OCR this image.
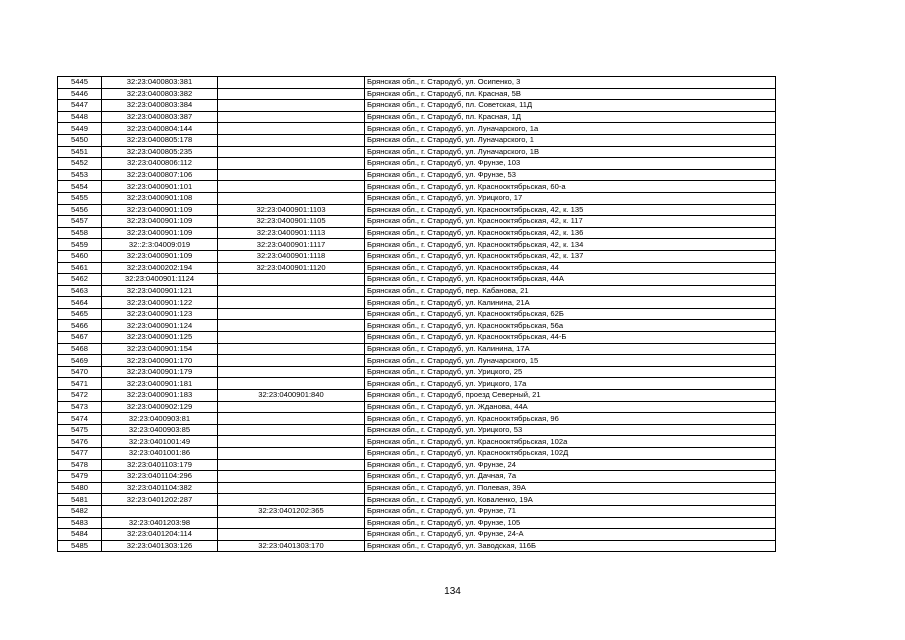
5445	32:23:0400803:381		Брянская обл., г. Стародуб, ул. Осипенко, 3
5446	32:23:0400803:382		Брянская обл., г. Стародуб, пл. Красная, 5В
5447	32:23:0400803:384		Брянская обл., г. Стародуб, пл. Советская, 11Д
5448	32:23:0400803:387		Брянская обл., г. Стародуб, пл. Красная, 1Д
5449	32:23:0400804:144		Брянская обл., г. Стародуб, ул. Луначарского, 1а
5450	32:23:0400805:178		Брянская обл., г. Стародуб, ул. Луначарского, 1
5451	32:23:0400805:235		Брянская обл., г. Стародуб, ул. Луначарского, 1В
5452	32:23:0400806:112		Брянская обл., г. Стародуб, ул. Фрунзе, 103
5453	32:23:0400807:106		Брянская обл., г. Стародуб, ул. Фрунзе, 53
5454	32:23:0400901:101		Брянская обл., г. Стародуб, ул. Краснооктябрьская, 60-а
5455	32:23:0400901:108		Брянская обл., г. Стародуб, ул. Урицкого, 17
5456	32:23:0400901:109	32:23:0400901:1103	Брянская обл., г. Стародуб, ул. Краснооктябрьская, 42, к. 135
5457	32:23:0400901:109	32:23:0400901:1105	Брянская обл., г. Стародуб, ул. Краснооктябрьская, 42, к. 117
5458	32:23:0400901:109	32:23:0400901:1113	Брянская обл., г. Стародуб, ул. Краснооктябрьская, 42, к. 136
5459	32::2:3:04009:019	32:23:0400901:1117	Брянская обл., г. Стародуб, ул. Краснооктябрьская, 42, к. 134
5460	32:23:0400901:109	32:23:0400901:1118	Брянская обл., г. Стародуб, ул. Краснооктябрьская, 42, к. 137
5461	32:23:0400202:194	32:23:0400901:1120	Брянская обл., г. Стародуб, ул. Краснооктябрьская, 44
5462	32:23:0400901:1124		Брянская обл., г. Стародуб, ул. Краснооктябрьская, 44А
5463	32:23:0400901:121		Брянская обл., г. Стародуб, пер. Кабанова, 21
5464	32:23:0400901:122		Брянская обл., г. Стародуб, ул. Калинина, 21А
5465	32:23:0400901:123		Брянская обл., г. Стародуб, ул. Краснооктябрьская, 62Б
5466	32:23:0400901:124		Брянская обл., г. Стародуб, ул. Краснооктябрьская, 56а
5467	32:23:0400901:125		Брянская обл., г. Стародуб, ул. Краснооктябрьская, 44-Б
5468	32:23:0400901:154		Брянская обл., г. Стародуб, ул. Калинина, 17А
5469	32:23:0400901:170		Брянская обл., г. Стародуб, ул. Луначарского, 15
5470	32:23:0400901:179		Брянская обл., г. Стародуб, ул. Урицкого, 25
5471	32:23:0400901:181		Брянская обл., г. Стародуб, ул. Урицкого, 17а
5472	32:23:0400901:183	32:23:0400901:840	Брянская обл., г. Стародуб, проезд Северный, 21
5473	32:23:0400902:129		Брянская обл., г. Стародуб, ул. Жданова, 44А
5474	32:23:0400903:81		Брянская обл., г. Стародуб, ул. Краснооктябрьская, 96
5475	32:23:0400903:85		Брянская обл., г. Стародуб, ул. Урицкого, 53
5476	32:23:0401001:49		Брянская обл., г. Стародуб, ул. Краснооктябрьская, 102а
5477	32:23:0401001:86		Брянская обл., г. Стародуб, ул. Краснооктябрьская, 102Д
5478	32:23:0401103:179		Брянская обл., г. Стародуб, ул. Фрунзе, 24
5479	32:23:0401104:296		Брянская обл., г. Стародуб, ул. Дачная, 7а
5480	32:23:0401104:382		Брянская обл., г. Стародуб, ул. Полевая, 39А
5481	32:23:0401202:287		Брянская обл., г. Стародуб, ул. Коваленко, 19А
5482		32:23:0401202:365	Брянская обл., г. Стародуб, ул. Фрунзе, 71
5483	32:23:0401203:98		Брянская обл., г. Стародуб, ул. Фрунзе, 105
5484	32:23:0401204:114		Брянская обл., г. Стародуб, ул. Фрунзе, 24-А
5485	32:23:0401303:126	32:23:0401303:170	Брянская обл., г. Стародуб, ул. Заводская, 116Б
134
